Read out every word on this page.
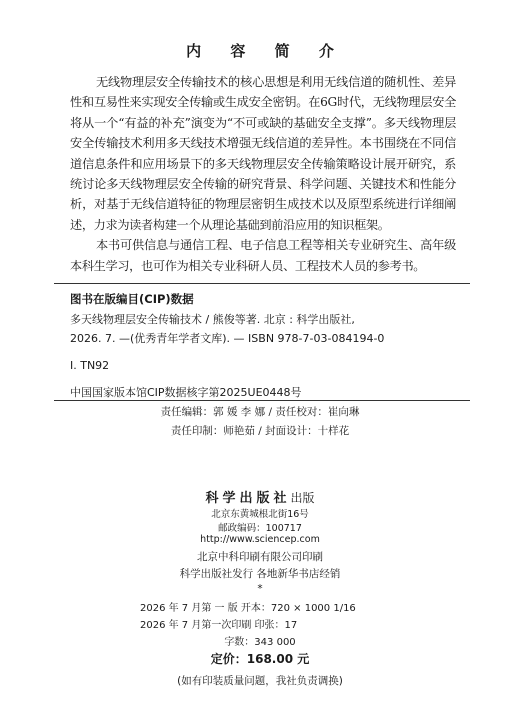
内 容 简 介

无线物理层安全传输技术的核心思想是利用无线信道的随机性、差异性和互易性来实现安全传输或生成安全密钥。在6G时代，无线物理层安全将从一个“有益的补充”演变为“不可或缺的基础安全支撑”。多天线物理层安全传输技术利用多天线技术增强无线信道的差异性。本书围绕在不同信道信息条件和应用场景下的多天线物理层安全传输策略设计展开研究，系统讨论多天线物理层安全传输的研究背景、科学问题、关键技术和性能分析，对基于无线信道特征的物理层密钥生成技术以及原型系统进行详细阐述，力求为读者构建一个从理论基础到前沿应用的知识框架。

本书可供信息与通信工程、电子信息工程等相关专业研究生、高年级本科生学习，也可作为相关专业科研人员、工程技术人员的参考书。

图书在版编目(CIP)数据
多天线物理层安全传输技术 / 熊俊等著. 北京 : 科学出版社,
2026. 7. —(优秀青年学者文库). — ISBN 978-7-03-084194-0
Ⅰ. TN92
中国国家版本馆CIP数据核字第2025UE0448号
责任编辑：郭 媛 李 娜 / 责任校对：崔向琳
责任印制：师艳茹 / 封面设计：十样花
科学出版社出版
北京东黄城根北街16号
邮政编码：100717
http://www.sciencep.com
北京中科印刷有限公司印刷
科学出版社发行 各地新华书店经销
*
2026 年 7 月第 一 版 开本：720 × 1000 1/16
2026 年 7 月第一次印刷 印张：17
字数：343 000
定价：168.00 元
(如有印装质量问题，我社负责调换)
